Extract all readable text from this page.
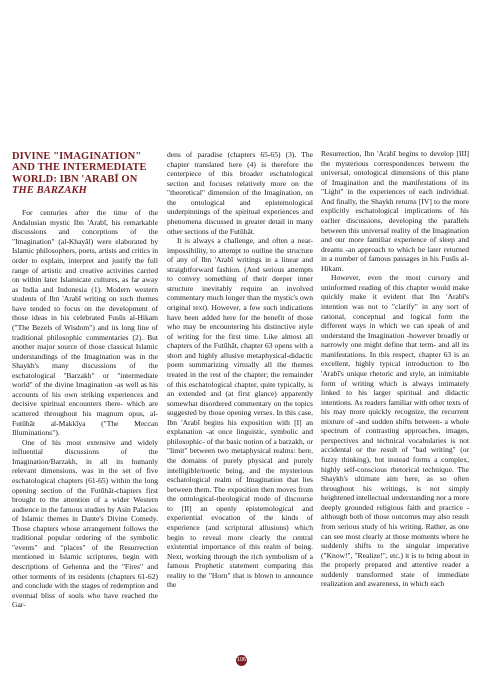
DIVINE "IMAGINATION"
AND THE INTERMEDIATE
WORLD: IBN 'ARABĪ ON
THE BARZAKH

For centuries after the time of the Andalusian mystic Ibn 'Arabī, his remarkable discussions and conceptions of the "Imagination" (al-Khayāl) were elaborated by Islamic philosophers, poets, artists and critics in order to explain, interpret and justify the full range of artistic and creative activities carried on within later Islamicate cultures, as far away as India and Indonesia (1). Modern western students of Ibn 'Arabī writing on such themes have tended to focus on the development of those ideas in his celebrated Fusūs al-Hikam ("The Bezels of Wisdom") and its long line of traditional philosophic commentaries (2). But another major source of those classical Islamic understandings of the Imagination was in the Shaykh's many discussions of the eschatological "Barzakh" or "intermediate world" of the divine Imagination -as well as his accounts of his own striking experiences and decisive spiritual encounters there- which are scattered throughout his magnum opus, al-Futūhāt al-Makkīya ("The Meccan Illuminations").

One of his most extensive and widely influential discussions of the Imagination/Barzakh, in all its humanly relevant dimensions, was in the set of five eschatological chapters (61-65) within the long opening section of the Futūhāt-chapters first brought to the attention of a wider Western audience in the famous studies by Asín Palacios of Islamic themes in Dante's Divine Comedy. Those chapters whose arrangement follows the traditional popular ordering of the symbolic "events" and "places" of the Resurrection mentioned in Islamic scriptures, begin with descriptions of Gehenna and the "Fires" and other torments of its residents (chapters 61-62) and conclude with the stages of redemption and eventual bliss of souls who have reached the Gar-

dens of paradise (chapters 65-65) (3). The chapter translated here (4) is therefore the centerpiece of this broader eschatological section and focuses relatively more on the "theoretical" dimension of the Imagination, on the ontological and epistemological underpinnings of the spiritual experiences and phenomena discussed in greater detail in many other sections of the Futūhāt.

It is always a challenge, and often a near-impossibility, to attempt to outline the structure of any of Ibn 'Arabī writings in a linear and straightforward fashion. (And serious attempts to convey something of their deeper inner structure inevitably require an involved commentary much longer than the mystic's own original text). However, a few such indications have been added here for the benefit of those who may be encountering his distinctive style of writing for the first time. Like almost all chapters of the Futūhāt, chapter 63 opens with a short and highly allusive metaphysical-didactic poem summarizing virtually all the themes treated in the rest of the chapter; the remainder of this eschatological chapter, quite typically, is an extended and (at first glance) apparently somewhat disordered commentary on the topics suggested by those opening verses. In this case, Ibn 'Arabī begins his exposition with [I] an explanation -at once linguistic, symbolic and philosophic- of the basic notion of a barzakh, or "limit" between two metaphysical realms: here, the domains of purely physical and purely intelligible/noetic being, and the mysterious eschatological realm of Imagination that lies between them. The exposition then moves from the ontological-theological mode of discourse to [II] an openly epistemological and experiential evocation of the kinds of experience (and scriptural allusions) which begin to reveal more clearly the central existential importance of this realm of being. Next, working through the rich symbolism of a famous Prophetic statement comparing this reality to the "Horn" that is blown to announce the

Resurrection, Ibn 'Arabī begins to develop [III] the mysterious correspondences between the universal, ontological dimensions of this plane of Imagination and the manifestations of its "Light" in the experiences of each individual. And finally, the Shaykh returns [IV] to the more explicitly eschatological implications of his earlier discussions, developing the parallels between this universal reality of the Imagination and our more familiar experience of sleep and dreams -an approach to which he later returned in a number of famous passages in his Fusūs al-Hikam.

However, even the most cursory and uninformed reading of this chapter would make quickly make it evident that Ibn 'Arabī's intention was not to "clarify" in any sort of rational, conceptual and logical form the different ways in which we can speak of and understand the Imagination -however broadly or narrowly one might define that term- and all its manifestations. In this respect, chapter 63 is an excellent, highly typical introduction to Ibn 'Arabī's unique rhetoric and style, an inimitable form of writing which is always intimately linked to his larger spiritual and didactic intentions. As readers familiar with other texts of his may more quickly recognize, the recurrent mixture of -and sudden shifts between- a whole spectrum of contrasting approaches, images, perspectives and technical vocabularies is not accidental or the result of "bad writing" (or fuzzy thinking), but instead forms a complex, highly self-conscious rhetorical technique. The Shaykh's ultimate aim here, as so often throughout his writings, is not simply heightened intellectual understanding nor a more deeply grounded religious faith and practice -although both of those outcomes may also result from serious study of his writing. Rather, as one can see most clearly at those moments where he suddenly shifts to the singular imperative ("Know!", "Realize!", etc.) it is to bring about in the properly prepared and attentive reader a suddenly transformed state of immediate realization and awareness, in which each

106
